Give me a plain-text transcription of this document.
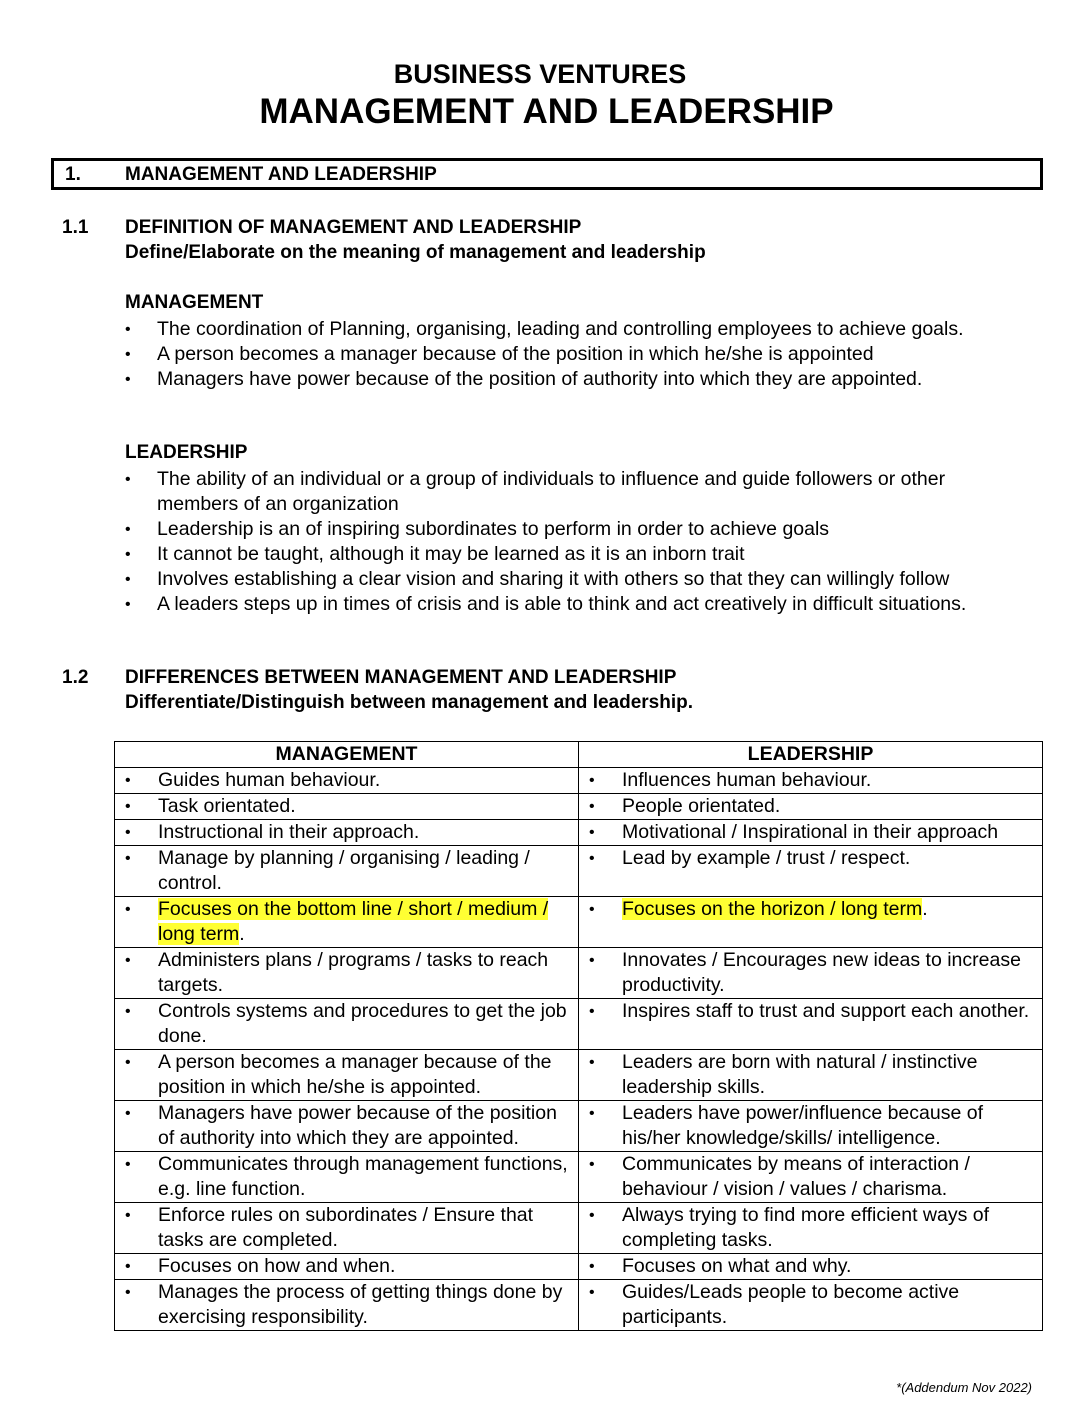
BUSINESS VENTURES
MANAGEMENT AND LEADERSHIP
1. MANAGEMENT AND LEADERSHIP
1.1 DEFINITION OF MANAGEMENT AND LEADERSHIP
Define/Elaborate on the meaning of management and leadership
MANAGEMENT
• The coordination of Planning, organising, leading and controlling employees to achieve goals.
• A person becomes a manager because of the position in which he/she is appointed
• Managers have power because of the position of authority into which they are appointed.
LEADERSHIP
• The ability of an individual or a group of individuals to influence and guide followers or other members of an organization
• Leadership is an of inspiring subordinates to perform in order to achieve goals
• It cannot be taught, although it may be learned as it is an inborn trait
• Involves establishing a clear vision and sharing it with others so that they can willingly follow
• A leaders steps up in times of crisis and is able to think and act creatively in difficult situations.
1.2 DIFFERENCES BETWEEN MANAGEMENT AND LEADERSHIP
Differentiate/Distinguish between management and leadership.
MANAGEMENT	LEADERSHIP

• Guides human behaviour.	• Influences human behaviour.

• Task orientated.	• People orientated.

• Instructional in their approach.	• Motivational / Inspirational in their approach

• Manage by planning / organising / leading / control.	• Lead by example / trust / respect.

• Focuses on the bottom line / short / medium / long term.	• Focuses on the horizon / long term.

• Administers plans / programs / tasks to reach targets.	• Innovates / Encourages new ideas to increase productivity.

• Controls systems and procedures to get the job done.	• Inspires staff to trust and support each another.

• A person becomes a manager because of the position in which he/she is appointed.	• Leaders are born with natural / instinctive leadership skills.

• Managers have power because of the position of authority into which they are appointed.	• Leaders have power/influence because of his/her knowledge/skills/ intelligence.

• Communicates through management functions, e.g. line function.	• Communicates by means of interaction / behaviour / vision / values / charisma.

• Enforce rules on subordinates / Ensure that tasks are completed.	• Always trying to find more efficient ways of completing tasks.

• Focuses on how and when.	• Focuses on what and why.

• Manages the process of getting things done by exercising responsibility.	• Guides/Leads people to become active participants.
*(Addendum Nov 2022)
